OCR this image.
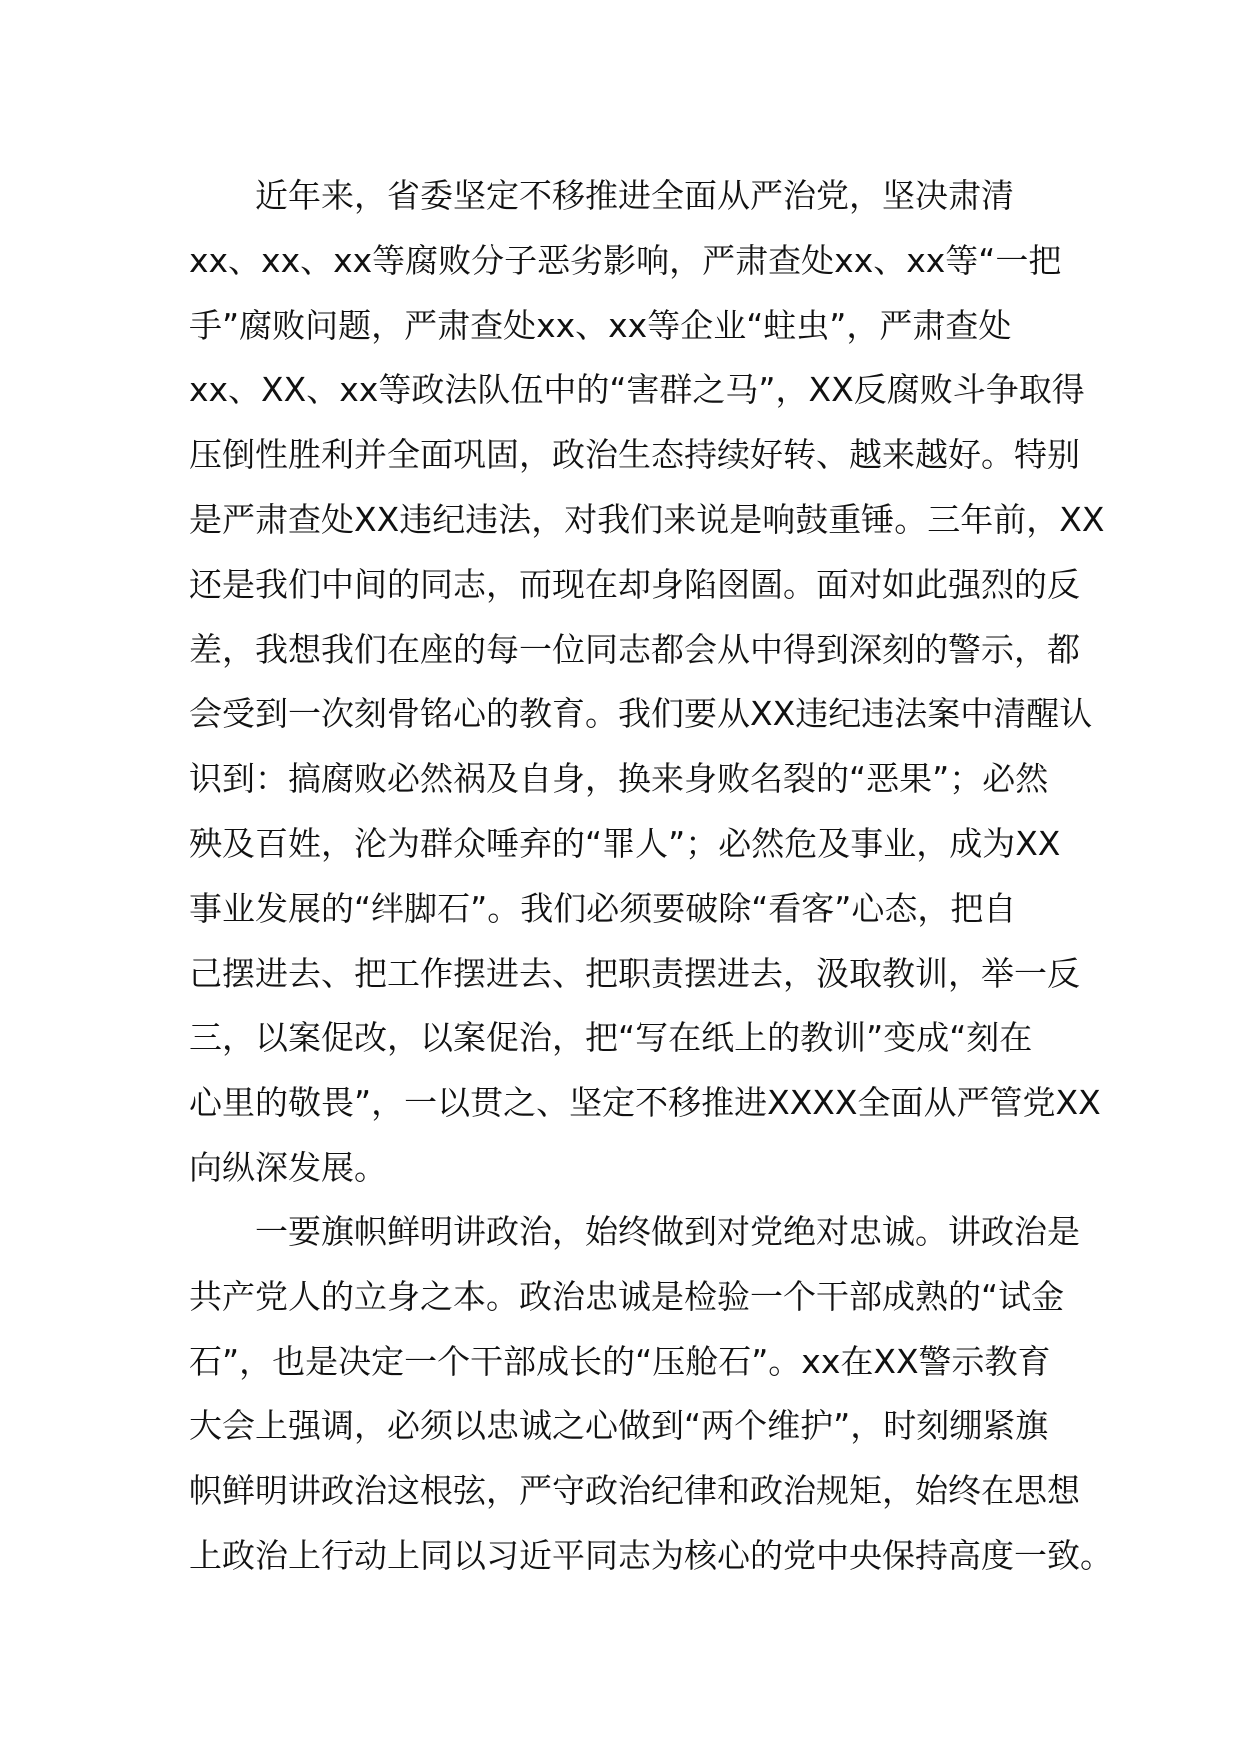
　　近年来，省委坚定不移推进全面从严治党，坚决肃清
xx、xx、xx等腐败分子恶劣影响，严肃查处xx、xx等“一把
手”腐败问题，严肃查处xx、xx等企业“蛀虫”，严肃查处
xx、XX、xx等政法队伍中的“害群之马”，XX反腐败斗争取得
压倒性胜利并全面巩固，政治生态持续好转、越来越好。特别
是严肃查处XX违纪违法，对我们来说是响鼓重锤。三年前，XX
还是我们中间的同志，而现在却身陷囹圄。面对如此强烈的反
差，我想我们在座的每一位同志都会从中得到深刻的警示，都
会受到一次刻骨铭心的教育。我们要从XX违纪违法案中清醒认
识到：搞腐败必然祸及自身，换来身败名裂的“恶果”；必然
殃及百姓，沦为群众唾弃的“罪人”；必然危及事业，成为XX
事业发展的“绊脚石”。我们必须要破除“看客”心态，把自
己摆进去、把工作摆进去、把职责摆进去，汲取教训，举一反
三，以案促改，以案促治，把“写在纸上的教训”变成“刻在
心里的敬畏”，一以贯之、坚定不移推进XXXX全面从严管党XX
向纵深发展。
　　一要旗帜鲜明讲政治，始终做到对党绝对忠诚。讲政治是
共产党人的立身之本。政治忠诚是检验一个干部成熟的“试金
石”，也是决定一个干部成长的“压舱石”。xx在XX警示教育
大会上强调，必须以忠诚之心做到“两个维护”，时刻绷紧旗
帜鲜明讲政治这根弦，严守政治纪律和政治规矩，始终在思想
上政治上行动上同以习近平同志为核心的党中央保持高度一致。
